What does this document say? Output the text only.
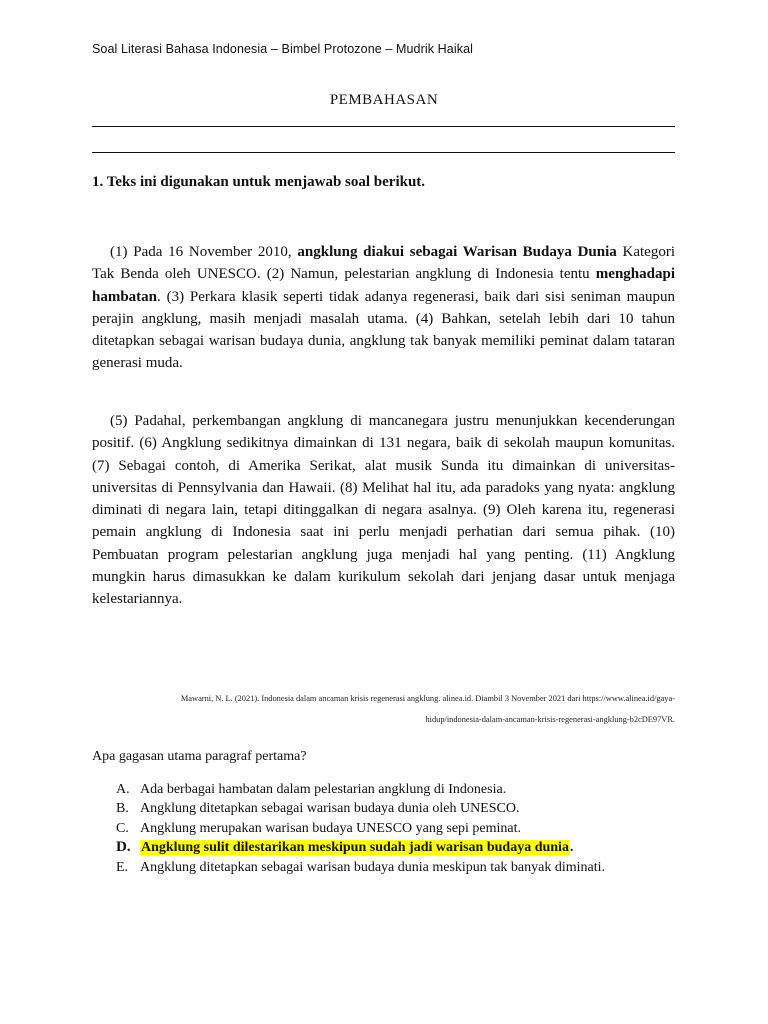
Soal Literasi Bahasa Indonesia – Bimbel Protozone – Mudrik Haikal
PEMBAHASAN
1. Teks ini digunakan untuk menjawab soal berikut.

(1) Pada 16 November 2010, angklung diakui sebagai Warisan Budaya Dunia Kategori Tak Benda oleh UNESCO. (2) Namun, pelestarian angklung di Indonesia tentu menghadapi hambatan. (3) Perkara klasik seperti tidak adanya regenerasi, baik dari sisi seniman maupun perajin angklung, masih menjadi masalah utama. (4) Bahkan, setelah lebih dari 10 tahun ditetapkan sebagai warisan budaya dunia, angklung tak banyak memiliki peminat dalam tataran generasi muda.

(5) Padahal, perkembangan angklung di mancanegara justru menunjukkan kecenderungan positif. (6) Angklung sedikitnya dimainkan di 131 negara, baik di sekolah maupun komunitas. (7) Sebagai contoh, di Amerika Serikat, alat musik Sunda itu dimainkan di universitas-universitas di Pennsylvania dan Hawaii. (8) Melihat hal itu, ada paradoks yang nyata: angklung diminati di negara lain, tetapi ditinggalkan di negara asalnya. (9) Oleh karena itu, regenerasi pemain angklung di Indonesia saat ini perlu menjadi perhatian dari semua pihak. (10) Pembuatan program pelestarian angklung juga menjadi hal yang penting. (11) Angklung mungkin harus dimasukkan ke dalam kurikulum sekolah dari jenjang dasar untuk menjaga kelestariannya.

Mawarni, N. L. (2021). Indonesia dalam ancaman krisis regenerasi angklung. alinea.id. Diambil 3 November 2021 dari https://www.alinea.id/gaya-
hidup/indonesia-dalam-ancaman-krisis-regenerasi-angklung-b2cDE97VR.
Apa gagasan utama paragraf pertama?
A. Ada berbagai hambatan dalam pelestarian angklung di Indonesia.
B. Angklung ditetapkan sebagai warisan budaya dunia oleh UNESCO.
C. Angklung merupakan warisan budaya UNESCO yang sepi peminat.
D. Angklung sulit dilestarikan meskipun sudah jadi warisan budaya dunia.
E. Angklung ditetapkan sebagai warisan budaya dunia meskipun tak banyak diminati.
